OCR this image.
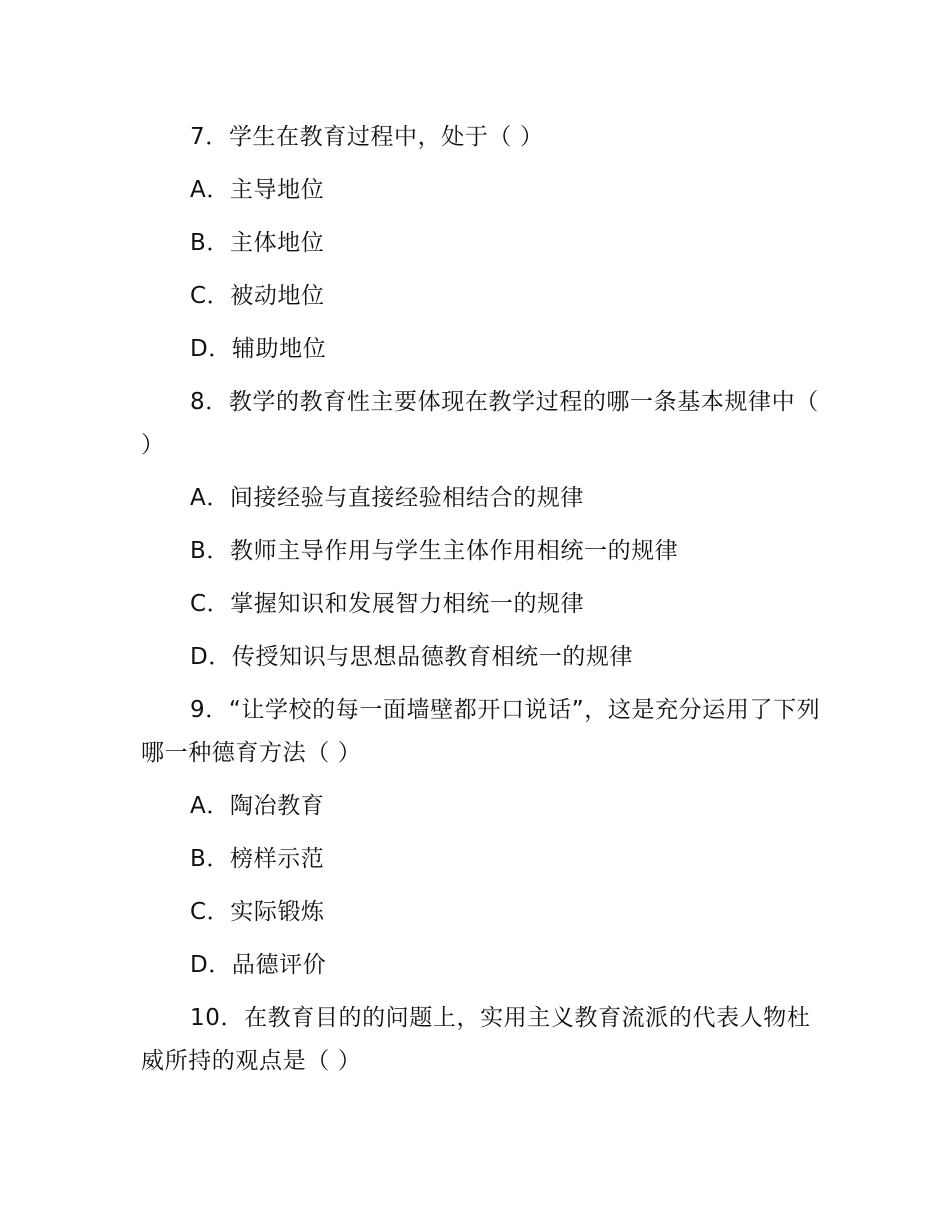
7．学生在教育过程中，处于（ ）

A．主导地位

B．主体地位

C．被动地位

D．辅助地位

8．教学的教育性主要体现在教学过程的哪一条基本规律中（ ）

A．间接经验与直接经验相结合的规律

B．教师主导作用与学生主体作用相统一的规律

C．掌握知识和发展智力相统一的规律

D．传授知识与思想品德教育相统一的规律

9．“让学校的每一面墙壁都开口说话”，这是充分运用了下列哪一种德育方法（ ）

A．陶冶教育

B．榜样示范

C．实际锻炼

D．品德评价

10．在教育目的的问题上，实用主义教育流派的代表人物杜威所持的观点是（ ）
